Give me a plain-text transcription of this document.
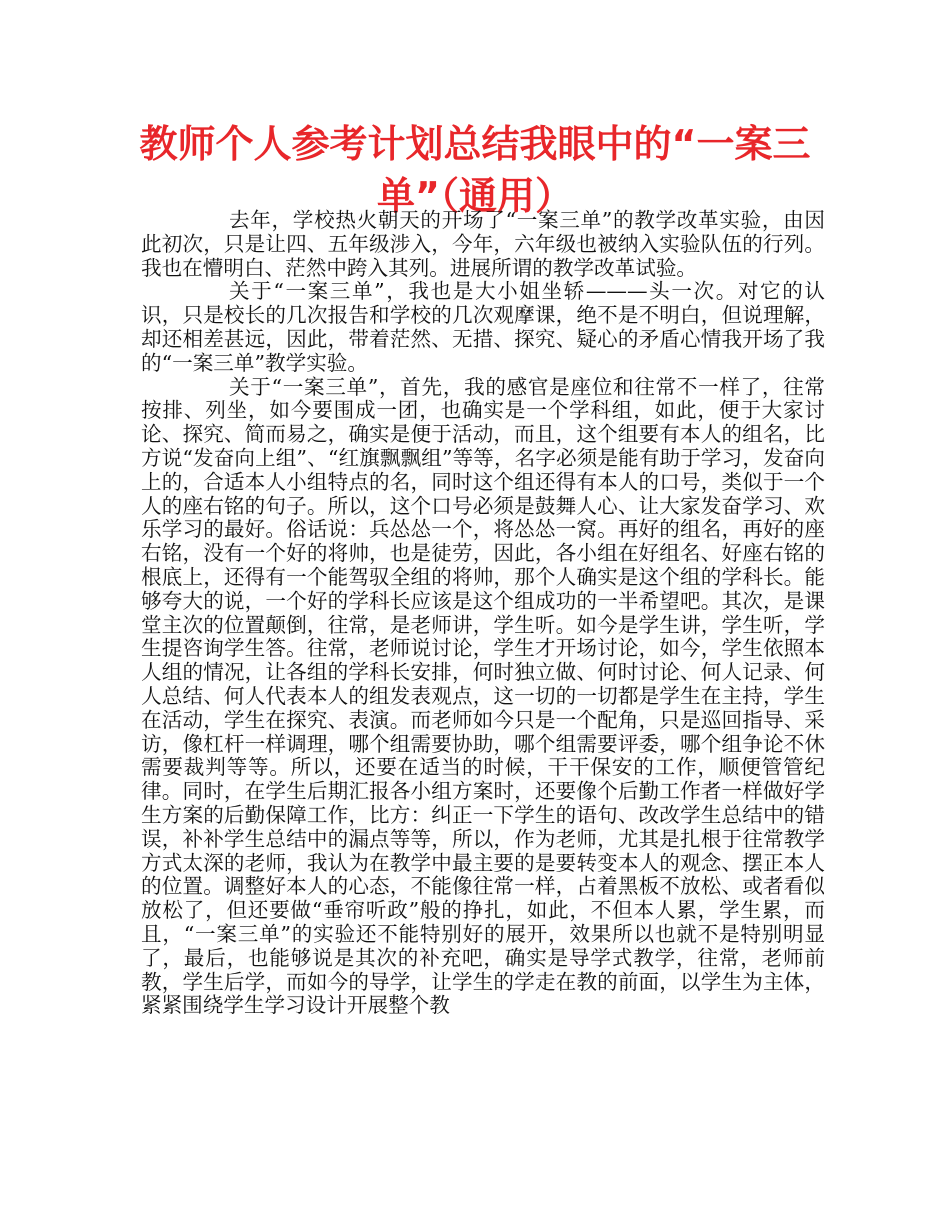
教师个人参考计划总结我眼中的“一案三单”（通用）

去年，学校热火朝天的开场了“一案三单”的教学改革实验，由因此初次，只是让四、五年级涉入，今年，六年级也被纳入实验队伍的行列。我也在懵明白、茫然中跨入其列。进展所谓的教学改革试验。

关于“一案三单”，我也是大小姐坐轿———头一次。对它的认识，只是校长的几次报告和学校的几次观摩课，绝不是不明白，但说理解，却还相差甚远，因此，带着茫然、无措、探究、疑心的矛盾心情我开场了我的“一案三单”教学实验。

关于“一案三单”，首先，我的感官是座位和往常不一样了，往常按排、列坐，如今要围成一团，也确实是一个学科组，如此，便于大家讨论、探究、简而易之，确实是便于活动，而且，这个组要有本人的组名，比方说“发奋向上组”、“红旗飘飘组”等等，名字必须是能有助于学习，发奋向上的，合适本人小组特点的名，同时这个组还得有本人的口号，类似于一个人的座右铭的句子。所以，这个口号必须是鼓舞人心、让大家发奋学习、欢乐学习的最好。俗话说：兵怂怂一个，将怂怂一窝。再好的组名，再好的座右铭，没有一个好的将帅，也是徒劳，因此，各小组在好组名、好座右铭的根底上，还得有一个能驾驭全组的将帅，那个人确实是这个组的学科长。能够夸大的说，一个好的学科长应该是这个组成功的一半希望吧。其次，是课堂主次的位置颠倒，往常，是老师讲，学生听。如今是学生讲，学生听，学生提咨询学生答。往常，老师说讨论，学生才开场讨论，如今，学生依照本人组的情况，让各组的学科长安排，何时独立做、何时讨论、何人记录、何人总结、何人代表本人的组发表观点，这一切的一切都是学生在主持，学生在活动，学生在探究、表演。而老师如今只是一个配角，只是巡回指导、采访，像杠杆一样调理，哪个组需要协助，哪个组需要评委，哪个组争论不休需要裁判等等。所以，还要在适当的时候，干干保安的工作，顺便管管纪律。同时，在学生后期汇报各小组方案时，还要像个后勤工作者一样做好学生方案的后勤保障工作，比方：纠正一下学生的语句、改改学生总结中的错误，补补学生总结中的漏点等等，所以，作为老师，尤其是扎根于往常教学方式太深的老师，我认为在教学中最主要的是要转变本人的观念、摆正本人的位置。调整好本人的心态，不能像往常一样，占着黑板不放松、或者看似放松了，但还要做“垂帘听政”般的挣扎，如此，不但本人累，学生累，而且，“一案三单”的实验还不能特别好的展开，效果所以也就不是特别明显了，最后，也能够说是其次的补充吧，确实是导学式教学，往常，老师前教，学生后学，而如今的导学，让学生的学走在教的前面，以学生为主体，紧紧围绕学生学习设计开展整个教
